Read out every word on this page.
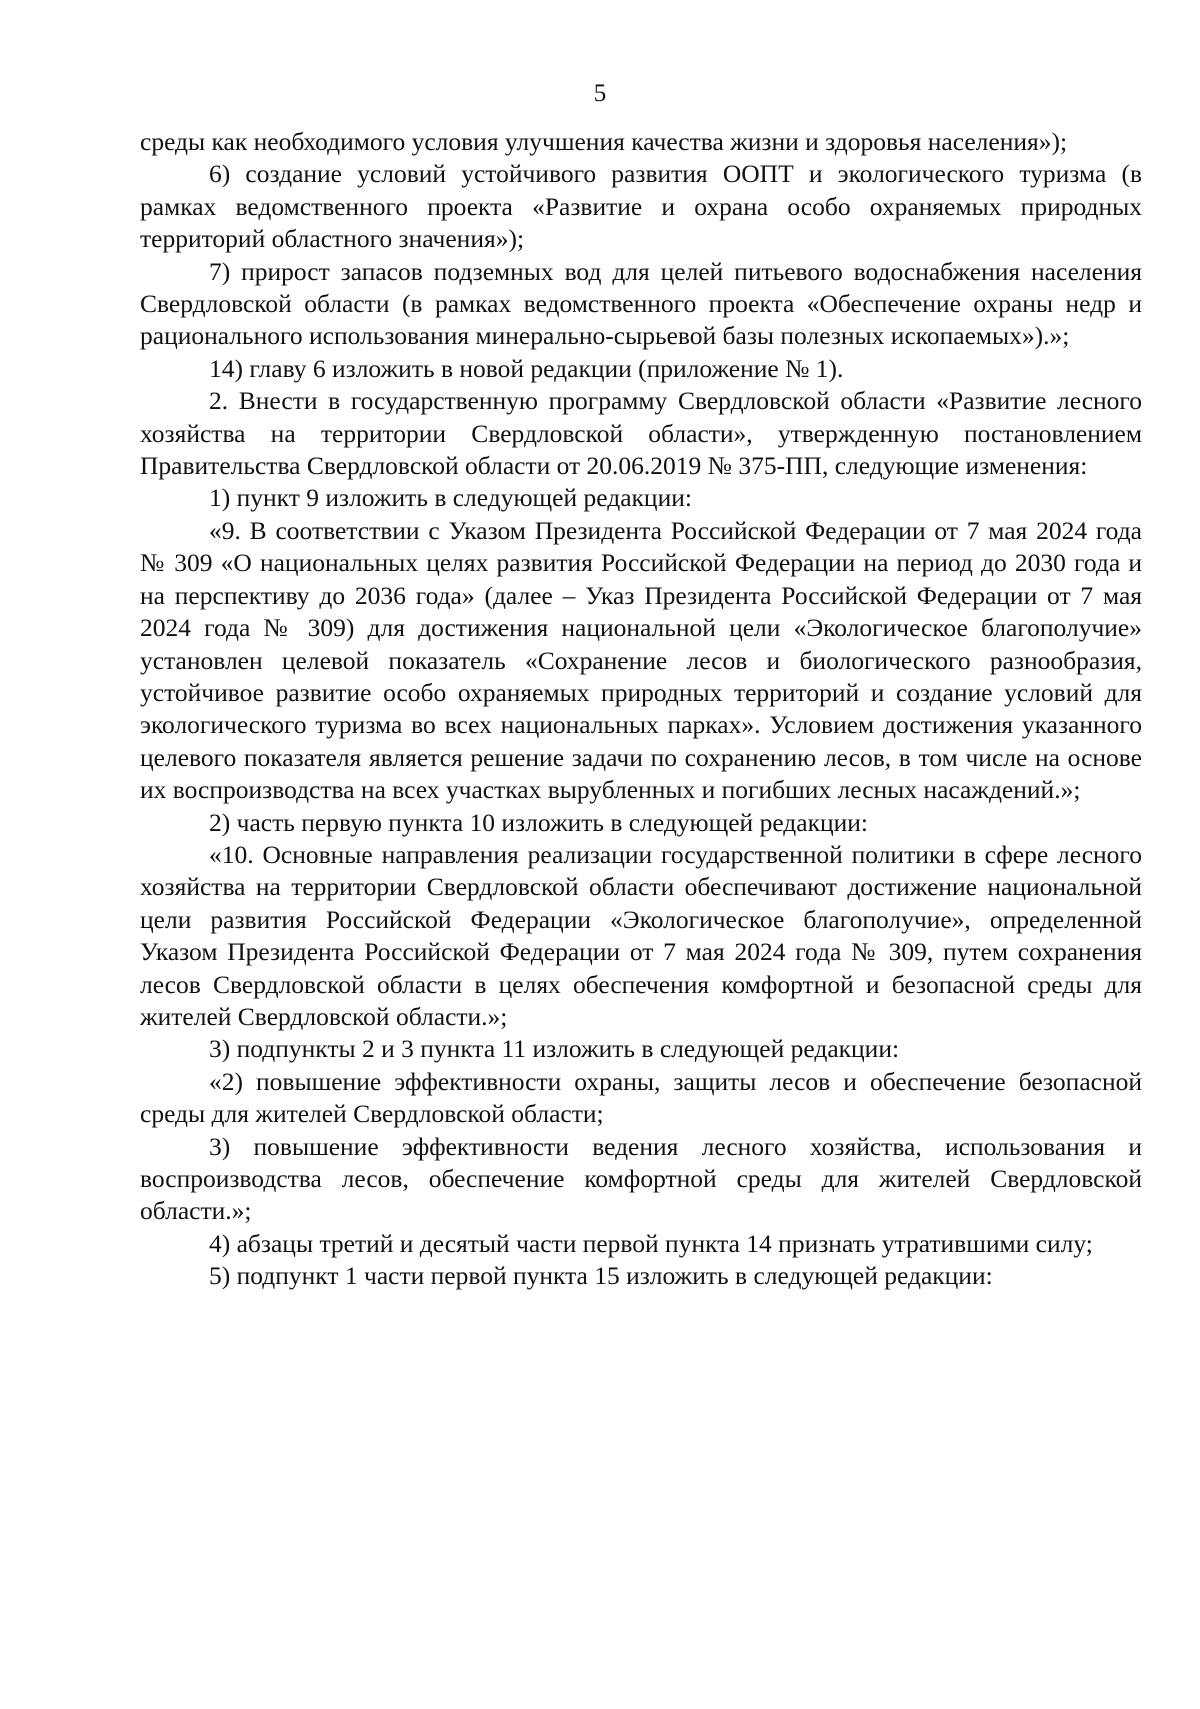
5

среды как необходимого условия улучшения качества жизни и здоровья населения»);

6) создание условий устойчивого развития ООПТ и экологического туризма (в рамках ведомственного проекта «Развитие и охрана особо охраняемых природных территорий областного значения»);

7) прирост запасов подземных вод для целей питьевого водоснабжения населения Свердловской области (в рамках ведомственного проекта «Обеспечение охраны недр и рационального использования минерально-сырьевой базы полезных ископаемых»).»;

14) главу 6 изложить в новой редакции (приложение № 1).

2. Внести в государственную программу Свердловской области «Развитие лесного хозяйства на территории Свердловской области», утвержденную постановлением Правительства Свердловской области от 20.06.2019 № 375-ПП, следующие изменения:

1) пункт 9 изложить в следующей редакции:

«9. В соответствии с Указом Президента Российской Федерации от 7 мая 2024 года № 309 «О национальных целях развития Российской Федерации на период до 2030 года и на перспективу до 2036 года» (далее – Указ Президента Российской Федерации от 7 мая 2024 года № 309) для достижения национальной цели «Экологическое благополучие» установлен целевой показатель «Сохранение лесов и биологического разнообразия, устойчивое развитие особо охраняемых природных территорий и создание условий для экологического туризма во всех национальных парках». Условием достижения указанного целевого показателя является решение задачи по сохранению лесов, в том числе на основе их воспроизводства на всех участках вырубленных и погибших лесных насаждений.»;

2) часть первую пункта 10 изложить в следующей редакции:

«10. Основные направления реализации государственной политики в сфере лесного хозяйства на территории Свердловской области обеспечивают достижение национальной цели развития Российской Федерации «Экологическое благополучие», определенной Указом Президента Российской Федерации от 7 мая 2024 года № 309, путем сохранения лесов Свердловской области в целях обеспечения комфортной и безопасной среды для жителей Свердловской области.»;

3) подпункты 2 и 3 пункта 11 изложить в следующей редакции:

«2) повышение эффективности охраны, защиты лесов и обеспечение безопасной среды для жителей Свердловской области;

3) повышение эффективности ведения лесного хозяйства, использования и воспроизводства лесов, обеспечение комфортной среды для жителей Свердловской области.»;

4) абзацы третий и десятый части первой пункта 14 признать утратившими силу;

5) подпункт 1 части первой пункта 15 изложить в следующей редакции:
